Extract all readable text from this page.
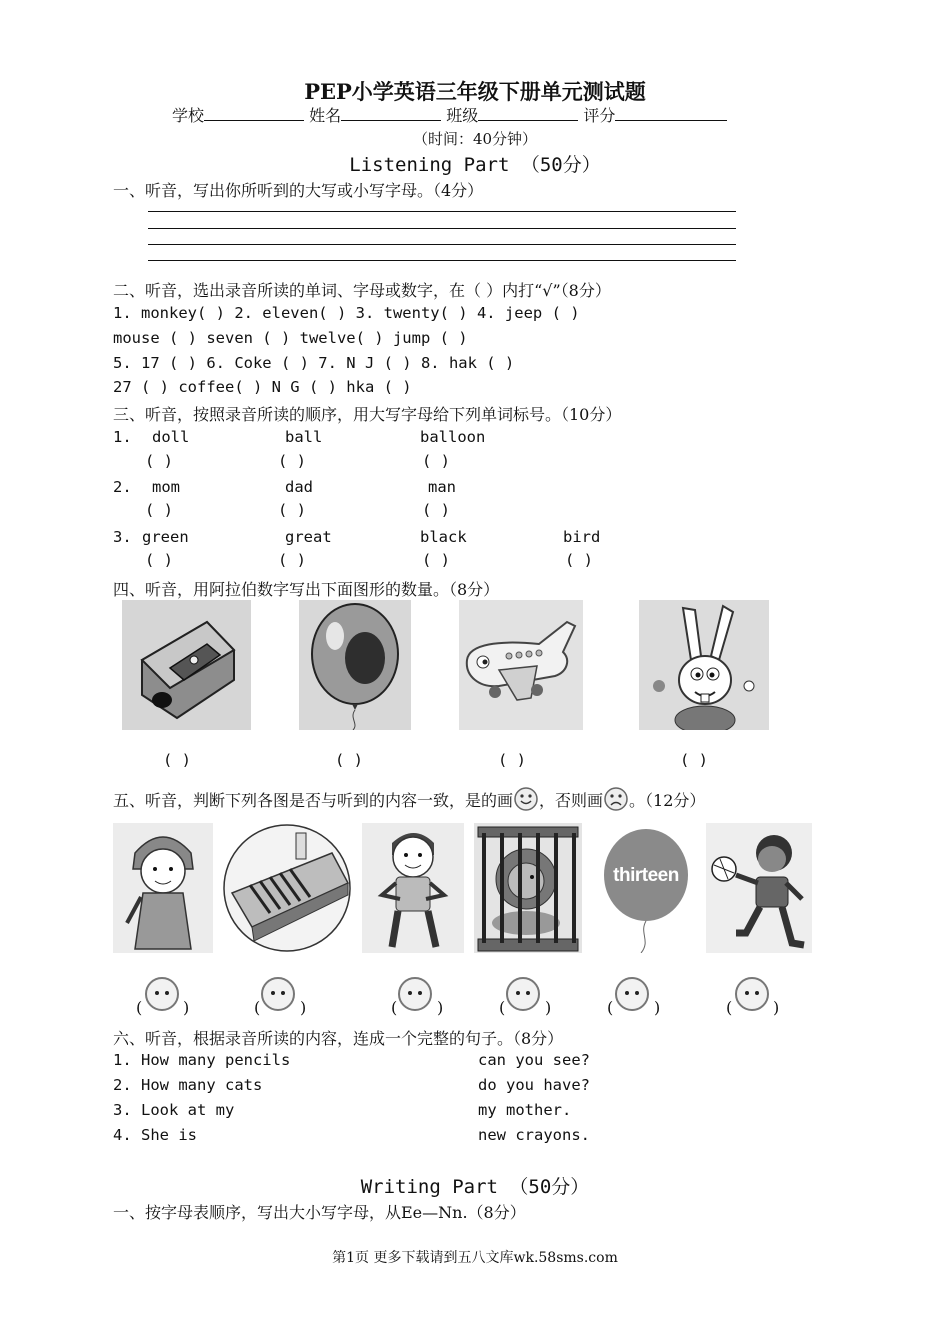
PEP小学英语三年级下册单元测试题
学校	姓名	班级	评分
（时间：40分钟）
Listening Part （50分）
一、听音，写出你所听到的大写或小写字母。（4分）
二、听音，选出录音所读的单词、字母或数字，在（ ）内打“√”（8分）
1. monkey( ) 2. eleven( ) 3. twenty( ) 4. jeep ( )
mouse ( ) seven ( ) twelve( ) jump ( )
5. 17 ( ) 6. Coke ( ) 7. N J ( ) 8. hak ( )
27 ( ) coffee( ) N G ( ) hka ( )
三、听音，按照录音所读的顺序，用大写字母给下列单词标号。（10分）
1. doll	ball	balloon
( )	( )	( )
2. mom	dad	man
( )	( )	( )
3. green	great	black	bird
( )	( )	( )	( )
四、听音，用阿拉伯数字写出下面图形的数量。（8分）
( )	( )	( )	( )
五、听音，判断下列各图是否与听到的内容一致，是的画 ，否则画 。（12分）
thirteen
(	)	( )	( )	( )	(	)	(	)
六、听音，根据录音所读的内容，连成一个完整的句子。（8分）
1. How many pencils
2. How many cats
3. Look at my
4. She is
can you see?
do you have?
my mother.
new crayons.
Writing Part （50分）
一、按字母表顺序，写出大小写字母，从Ee—Nn.（8分）
第1页 更多下载请到五八文库wk.58sms.com
